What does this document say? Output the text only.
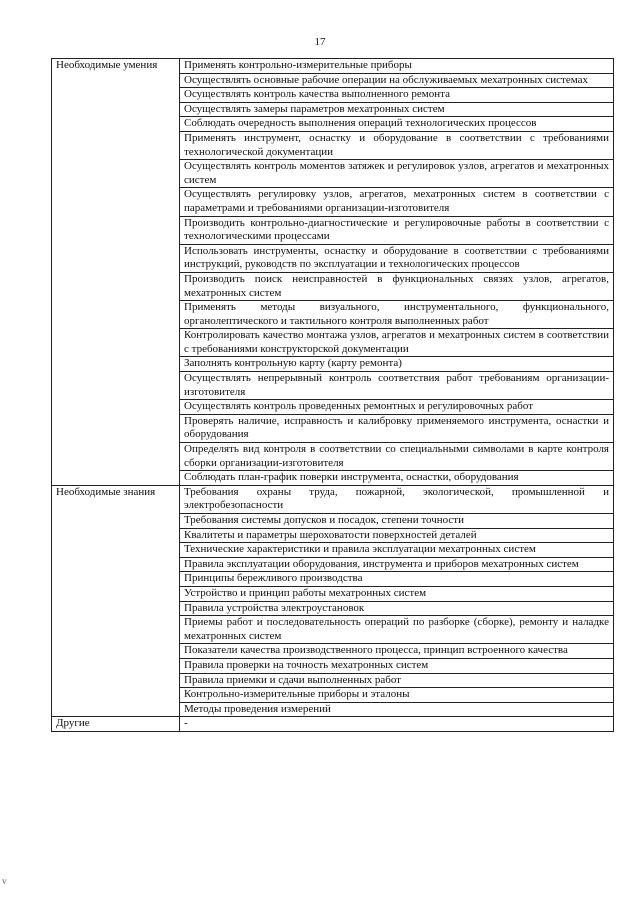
17
Необходимые умения	Применять контрольно-измерительные приборы
	Осуществлять основные рабочие операции на обслуживаемых мехатронных системах
	Осуществлять контроль качества выполненного ремонта
	Осуществлять замеры параметров мехатронных систем
	Соблюдать очередность выполнения операций технологических процессов
	Применять инструмент, оснастку и оборудование в соответствии с требованиями технологической документации
	Осуществлять контроль моментов затяжек и регулировок узлов, агрегатов и мехатронных систем
	Осуществлять регулировку узлов, агрегатов, мехатронных систем в соответствии с параметрами и требованиями организации-изготовителя
	Производить контрольно-диагностические и регулировочные работы в соответствии с технологическими процессами
	Использовать инструменты, оснастку и оборудование в соответствии с требованиями инструкций, руководств по эксплуатации и технологических процессов
	Производить поиск неисправностей в функциональных связях узлов, агрегатов, мехатронных систем
	Применять методы визуального, инструментального, функционального, органолептического и тактильного контроля выполненных работ
	Контролировать качество монтажа узлов, агрегатов и мехатронных систем в соответствии с требованиями конструкторской документации
	Заполнять контрольную карту (карту ремонта)
	Осуществлять непрерывный контроль соответствия работ требованиям организации-изготовителя
	Осуществлять контроль проведенных ремонтных и регулировочных работ
	Проверять наличие, исправность и калибровку применяемого инструмента, оснастки и оборудования
	Определять вид контроля в соответствии со специальными символами в карте контроля сборки организации-изготовителя
	Соблюдать план-график поверки инструмента, оснастки, оборудования
Необходимые знания	Требования охраны труда, пожарной, экологической, промышленной и электробезопасности
	Требования системы допусков и посадок, степени точности
	Квалитеты и параметры шероховатости поверхностей деталей
	Технические характеристики и правила эксплуатации мехатронных систем
	Правила эксплуатации оборудования, инструмента и приборов мехатронных систем
	Принципы бережливого производства
	Устройство и принцип работы мехатронных систем
	Правила устройства электроустановок
	Приемы работ и последовательность операций по разборке (сборке), ремонту и наладке мехатронных систем
	Показатели качества производственного процесса, принцип встроенного качества
	Правила проверки на точность мехатронных систем
	Правила приемки и сдачи выполненных работ
	Контрольно-измерительные приборы и эталоны
	Методы проведения измерений
Другие	-
v
